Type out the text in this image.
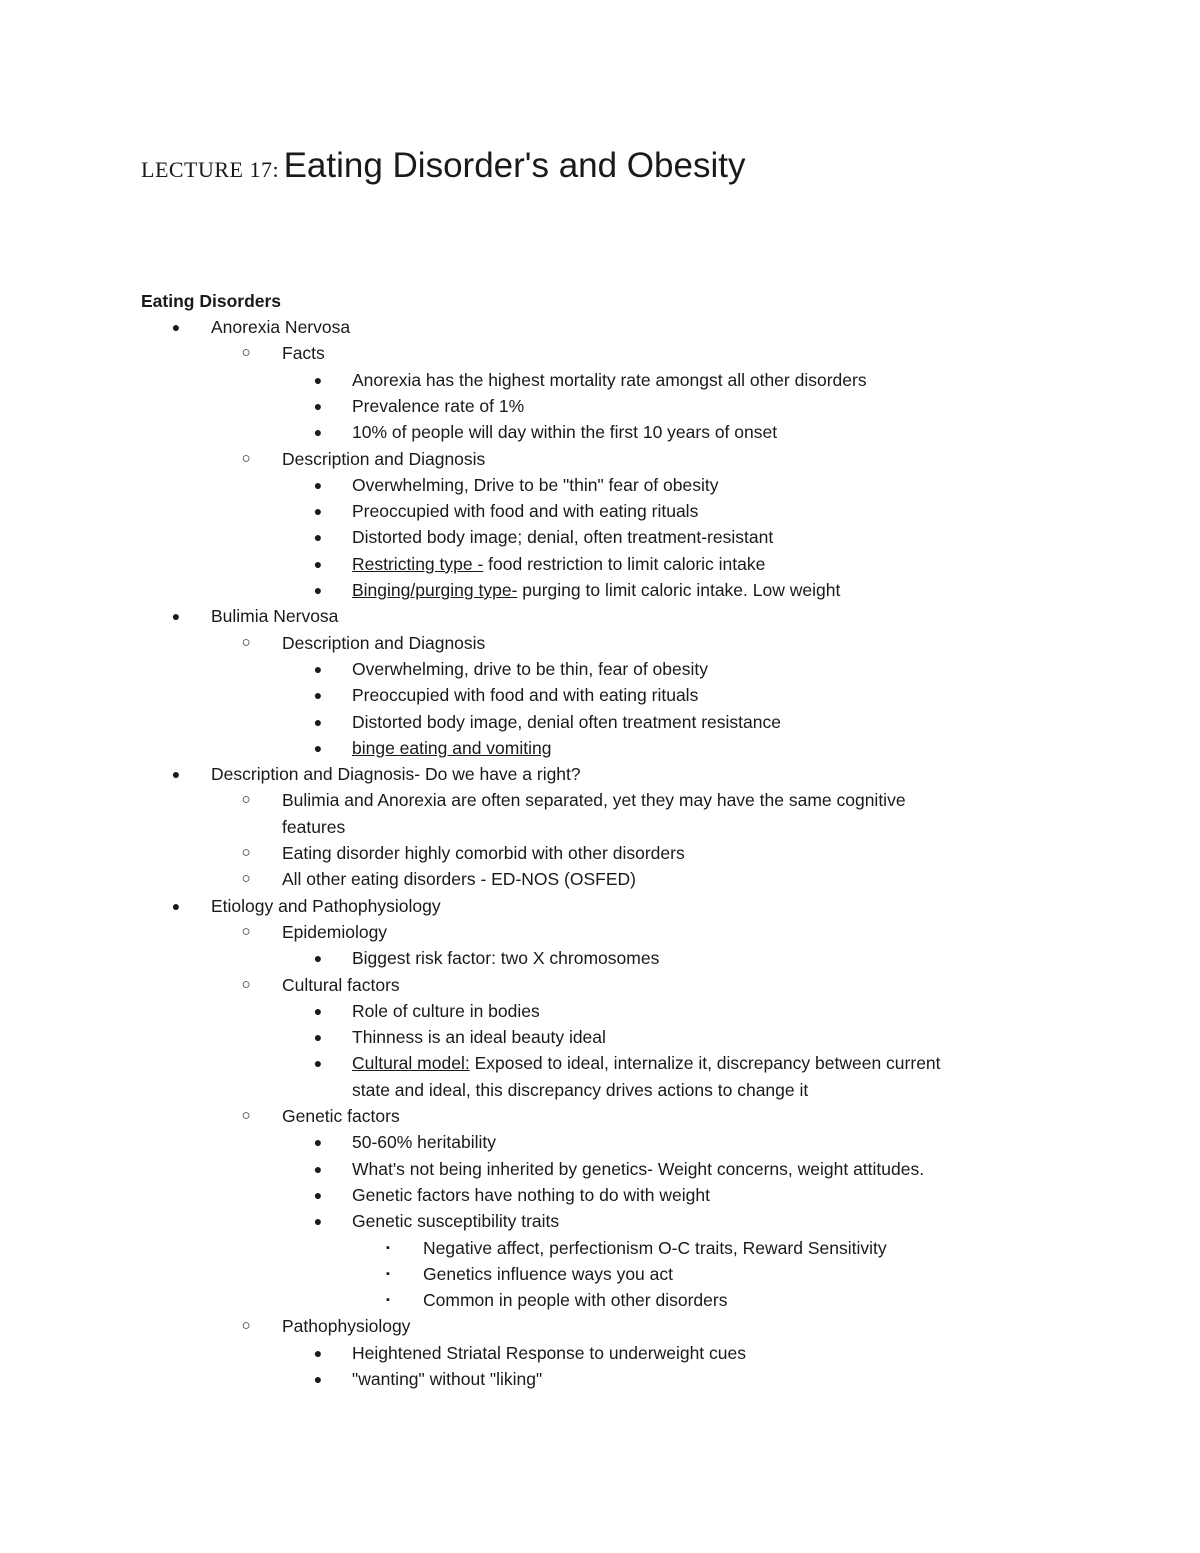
LECTURE 17: Eating Disorder's and Obesity
Eating Disorders
●	Anorexia Nervosa
○	Facts
●	Anorexia has the highest mortality rate amongst all other disorders
●	Prevalence rate of 1%
●	10% of people will day within the first 10 years of onset
○	Description and Diagnosis
●	Overwhelming, Drive to be "thin" fear of obesity
●	Preoccupied with food and with eating rituals
●	Distorted body image; denial, often treatment-resistant
●	Restricting type - food restriction to limit caloric intake
●	Binging/purging type- purging to limit caloric intake. Low weight
●	Bulimia Nervosa
○	Description and Diagnosis
●	Overwhelming, drive to be thin, fear of obesity
●	Preoccupied with food and with eating rituals
●	Distorted body image, denial often treatment resistance
●	binge eating and vomiting
●	Description and Diagnosis- Do we have a right?
○	Bulimia and Anorexia are often separated, yet they may have the same cognitive
features
○	Eating disorder highly comorbid with other disorders
○	All other eating disorders - ED-NOS (OSFED)
●	Etiology and Pathophysiology
○	Epidemiology
●	Biggest risk factor: two X chromosomes
○	Cultural factors
●	Role of culture in bodies
●	Thinness is an ideal beauty ideal
●	Cultural model: Exposed to ideal, internalize it, discrepancy between current
state and ideal, this discrepancy drives actions to change it
○	Genetic factors
●	50-60% heritability
●	What's not being inherited by genetics- Weight concerns, weight attitudes.
●	Genetic factors have nothing to do with weight
●	Genetic susceptibility traits
▪	Negative affect, perfectionism O-C traits, Reward Sensitivity
▪	Genetics influence ways you act
▪	Common in people with other disorders
○	Pathophysiology
●	Heightened Striatal Response to underweight cues
●	"wanting" without "liking"
